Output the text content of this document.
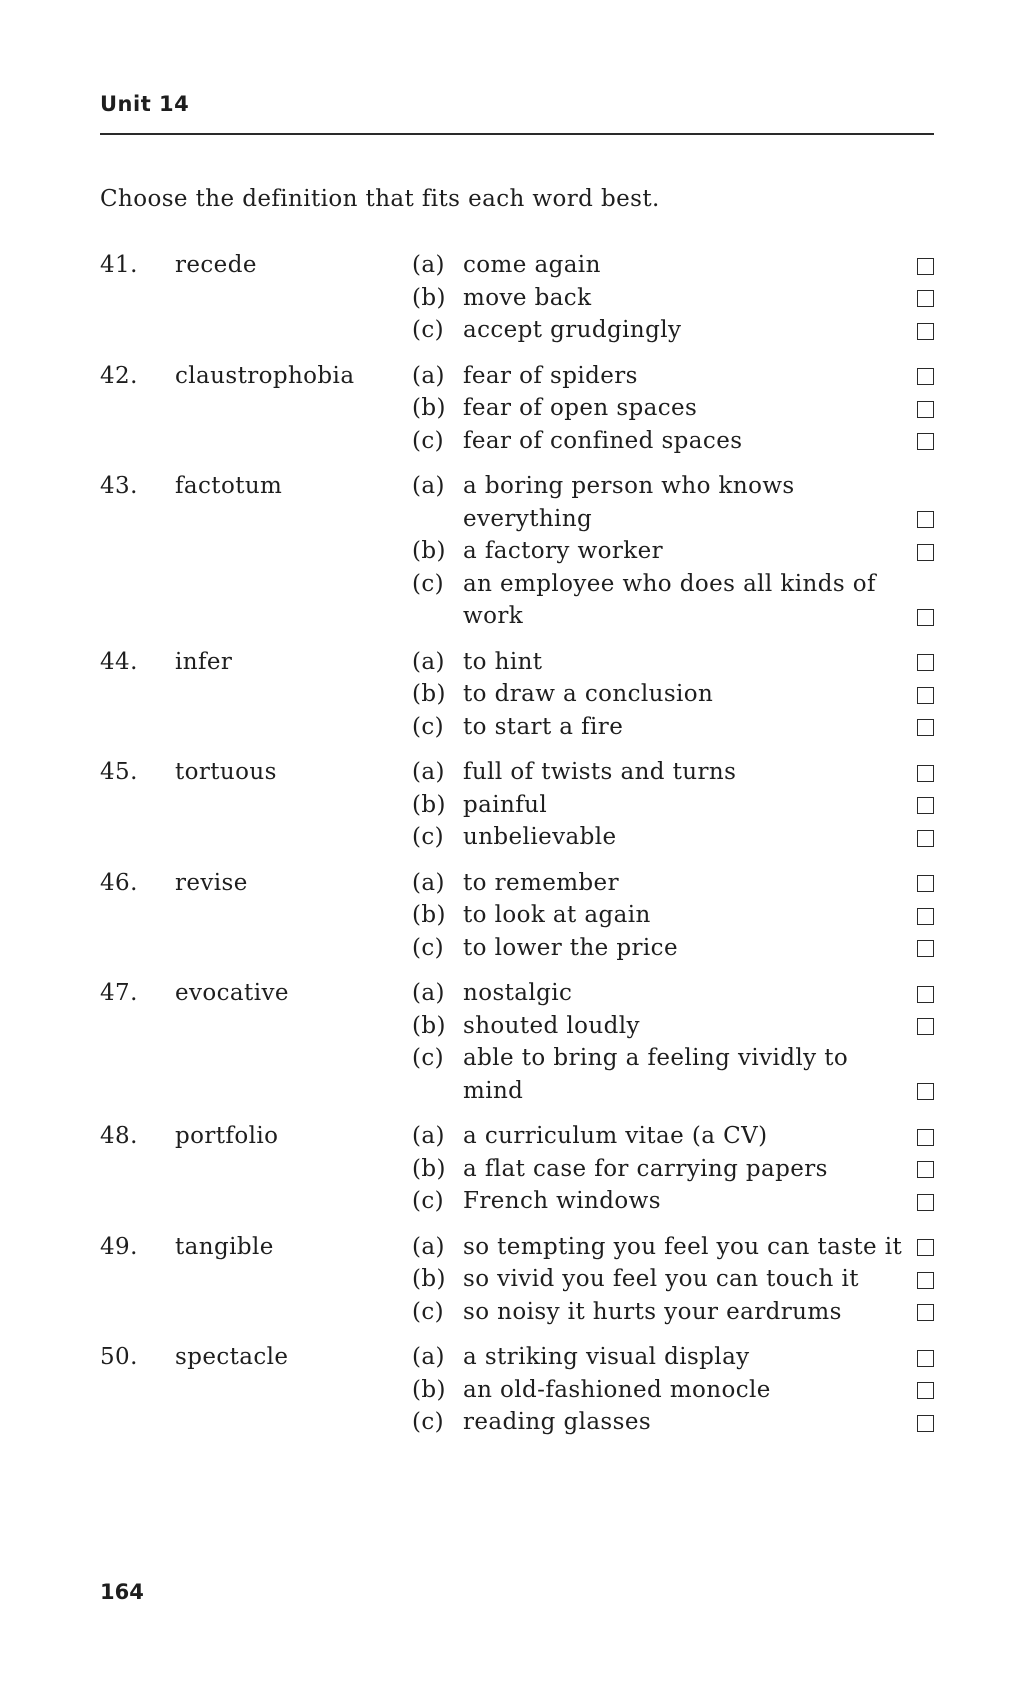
Unit 14
Choose the definition that fits each word best.
41. recede	(a) come again
(b) move back
(c) accept grudgingly
42. claustrophobia	(a) fear of spiders
(b) fear of open spaces
(c) fear of confined spaces
43. factotum	(a) a boring person who knows everything
(b) a factory worker
(c) an employee who does all kinds of work
44. infer	(a) to hint
(b) to draw a conclusion
(c) to start a fire
45. tortuous	(a) full of twists and turns
(b) painful
(c) unbelievable
46. revise	(a) to remember
(b) to look at again
(c) to lower the price
47. evocative	(a) nostalgic
(b) shouted loudly
(c) able to bring a feeling vividly to mind
48. portfolio	(a) a curriculum vitae (a CV)
(b) a flat case for carrying papers
(c) French windows
49. tangible	(a) so tempting you feel you can taste it
(b) so vivid you feel you can touch it
(c) so noisy it hurts your eardrums
50. spectacle	(a) a striking visual display
(b) an old-fashioned monocle
(c) reading glasses
164
